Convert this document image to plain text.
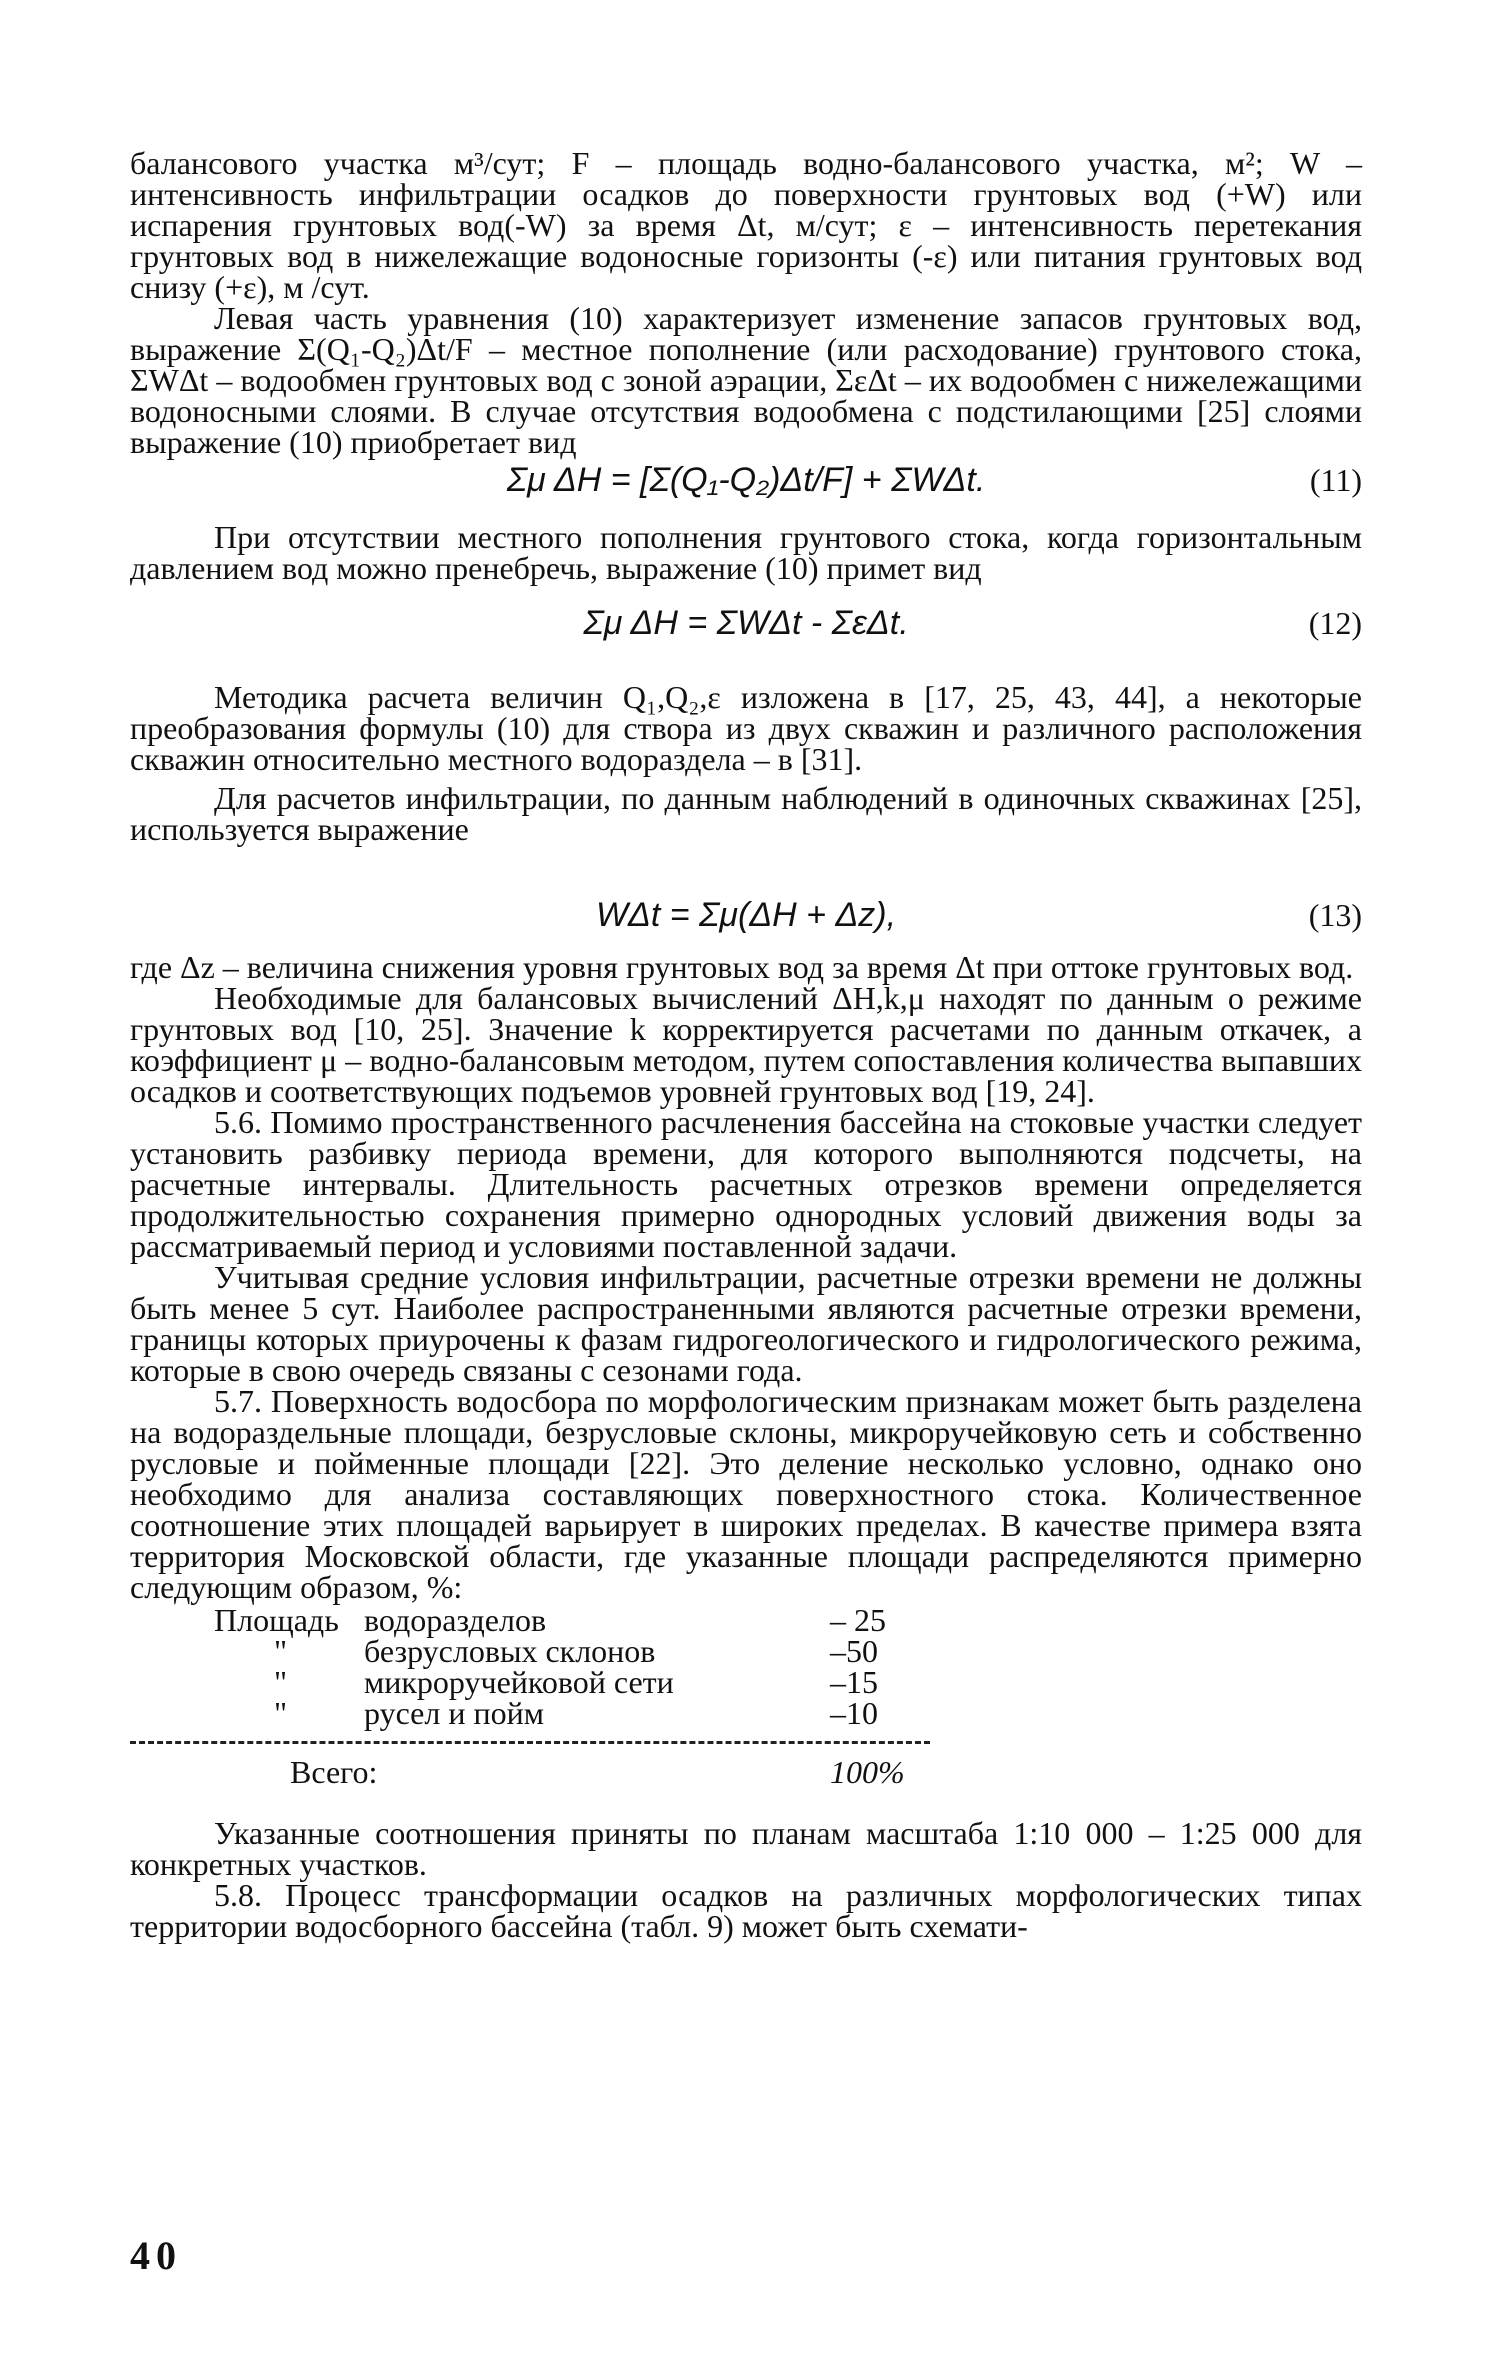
балансового участка м³/сут; F – площадь водно-балансового участка, м²; W – интенсивность инфильтрации осадков до поверхности грунтовых вод (+W) или испарения грунтовых вод(-W) за время Δt, м/сут; ε – интенсивность перетекания грунтовых вод в нижележащие водоносные горизонты (-ε) или питания грунтовых вод снизу (+ε), м /сут.

Левая часть уравнения (10) характеризует изменение запасов грунтовых вод, выражение Σ(Q₁-Q₂)Δt/F – местное пополнение (или расходование) грунтового стока, ΣWΔt – водообмен грунтовых вод с зоной аэрации, ΣεΔt – их водообмен с нижележащими водоносными слоями. В случае отсутствия водообмена с подстилающими [25] слоями выражение (10) приобретает вид

Σμ ΔH = [Σ(Q₁-Q₂)Δt/F] + ΣWΔt.	(11)

При отсутствии местного пополнения грунтового стока, когда горизонтальным давлением вод можно пренебречь, выражение (10) примет вид

Σμ ΔH = ΣWΔt - ΣεΔt.	(12)

Методика расчета величин Q₁,Q₂,ε изложена в [17, 25, 43, 44], а некоторые преобразования формулы (10) для створа из двух скважин и различного расположения скважин относительно местного водораздела – в [31].

Для расчетов инфильтрации, по данным наблюдений в одиночных скважинах [25], используется выражение

WΔt = Σμ(ΔH + Δz),	(13)

где Δz – величина снижения уровня грунтовых вод за время Δt при оттоке грунтовых вод.

Необходимые для балансовых вычислений ΔH,k,μ находят по данным о режиме грунтовых вод [10, 25]. Значение k корректируется расчетами по данным откачек, а коэффициент μ – водно-балансовым методом, путем сопоставления количества выпавших осадков и соответствующих подъемов уровней грунтовых вод [19, 24].

5.6. Помимо пространственного расчленения бассейна на стоковые участки следует установить разбивку периода времени, для которого выполняются подсчеты, на расчетные интервалы. Длительность расчетных отрезков времени определяется продолжительностью сохранения примерно однородных условий движения воды за рассматриваемый период и условиями поставленной задачи.

Учитывая средние условия инфильтрации, расчетные отрезки времени не должны быть менее 5 сут. Наиболее распространенными являются расчетные отрезки времени, границы которых приурочены к фазам гидрогеологического и гидрологического режима, которые в свою очередь связаны с сезонами года.

5.7. Поверхность водосбора по морфологическим признакам может быть разделена на водораздельные площади, безрусловые склоны, микроручейковую сеть и собственно русловые и пойменные площади [22]. Это деление несколько условно, однако оно необходимо для анализа составляющих поверхностного стока. Количественное соотношение этих площадей варьирует в широких пределах. В качестве примера взята территория Московской области, где указанные площади распределяются примерно следующим образом, %:

	Площадь	водоразделов	– 25
	"	безрусловых склонов	–50
	"	микроручейковой сети	–15
	"	русел и пойм	–10
Всего:	100%

Указанные соотношения приняты по планам масштаба 1:10 000 – 1:25 000 для конкретных участков.

5.8. Процесс трансформации осадков на различных морфологических типах территории водосборного бассейна (табл. 9) может быть схемати-

40
